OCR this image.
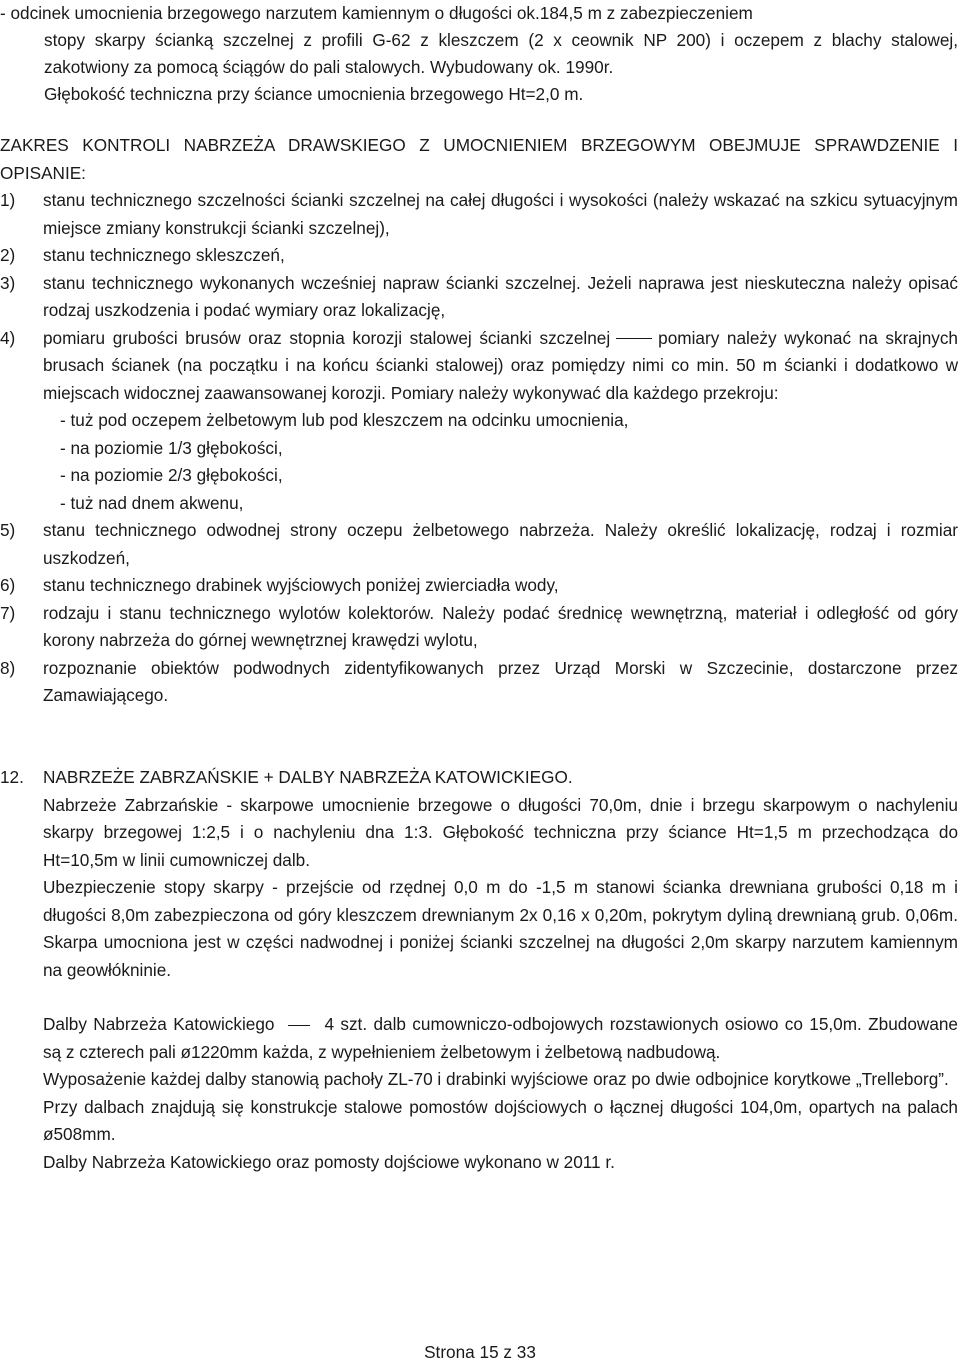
- odcinek umocnienia brzegowego narzutem kamiennym o długości ok.184,5 m z zabezpieczeniem

stopy skarpy ścianką szczelnej z profili G-62 z kleszczem (2 x ceownik NP 200) i oczepem z blachy stalowej, zakotwiony za pomocą ściągów do pali stalowych. Wybudowany ok. 1990r.

Głębokość techniczna przy ściance umocnienia brzegowego Ht=2,0 m.

ZAKRES KONTROLI NABRZEŻA DRAWSKIEGO Z UMOCNIENIEM BRZEGOWYM OBEJMUJE SPRAWDZENIE I OPISANIE:

1) stanu technicznego szczelności ścianki szczelnej na całej długości i wysokości (należy wskazać na szkicu sytuacyjnym miejsce zmiany konstrukcji ścianki szczelnej),
2) stanu technicznego skleszczeń,
3) stanu technicznego wykonanych wcześniej napraw ścianki szczelnej. Jeżeli naprawa jest nieskuteczna należy opisać rodzaj uszkodzenia i podać wymiary oraz lokalizację,
4) pomiaru grubości brusów oraz stopnia korozji stalowej ścianki szczelnej	pomiary należy wykonać na skrajnych brusach ścianek (na początku i na końcu ścianki stalowej) oraz pomiędzy nimi co min. 50 m ścianki i dodatkowo w miejscach widocznej zaawansowanej korozji. Pomiary należy wykonywać dla każdego przekroju:

- tuż pod oczepem żelbetowym lub pod kleszczem na odcinku umocnienia,

- na poziomie 1/3 głębokości,

- na poziomie 2/3 głębokości,

- tuż nad dnem akwenu,

5) stanu technicznego odwodnej strony oczepu żelbetowego nabrzeża. Należy określić lokalizację, rodzaj i rozmiar uszkodzeń,
6) stanu technicznego drabinek wyjściowych poniżej zwierciadła wody,
7) rodzaju i stanu technicznego wylotów kolektorów. Należy podać średnicę wewnętrzną, materiał i odległość od góry korony nabrzeża do górnej wewnętrznej krawędzi wylotu,
8) rozpoznanie obiektów podwodnych zidentyfikowanych przez Urząd Morski w Szczecinie, dostarczone przez Zamawiającego.
12. NABRZEŻE ZABRZAŃSKIE + DALBY NABRZEŻA KATOWICKIEGO.

Nabrzeże Zabrzańskie - skarpowe umocnienie brzegowe o długości 70,0m, dnie i brzegu skarpowym o nachyleniu skarpy brzegowej 1:2,5 i o nachyleniu dna 1:3. Głębokość techniczna przy ściance Ht=1,5 m przechodząca do Ht=10,5m w linii cumowniczej dalb.

Ubezpieczenie stopy skarpy - przejście od rzędnej 0,0 m do -1,5 m stanowi ścianka drewniana grubości 0,18 m i długości 8,0m zabezpieczona od góry kleszczem drewnianym 2x 0,16 x 0,20m, pokrytym dyliną drewnianą grub. 0,06m. Skarpa umocniona jest w części nadwodnej i poniżej ścianki szczelnej na długości 2,0m skarpy narzutem kamiennym na geowłókninie.

Dalby Nabrzeża Katowickiego	4 szt. dalb cumowniczo-odbojowych rozstawionych osiowo co 15,0m. Zbudowane są z czterech pali ø1220mm każda, z wypełnieniem żelbetowym i żelbetową nadbudową.

Wyposażenie każdej dalby stanowią pachoły ZL-70 i drabinki wyjściowe oraz po dwie odbojnice korytkowe „Trelleborg”.

Przy dalbach znajdują się konstrukcje stalowe pomostów dojściowych o łącznej długości 104,0m, opartych na palach ø508mm.

Dalby Nabrzeża Katowickiego oraz pomosty dojściowe wykonano w 2011 r.

Strona 15 z 33
